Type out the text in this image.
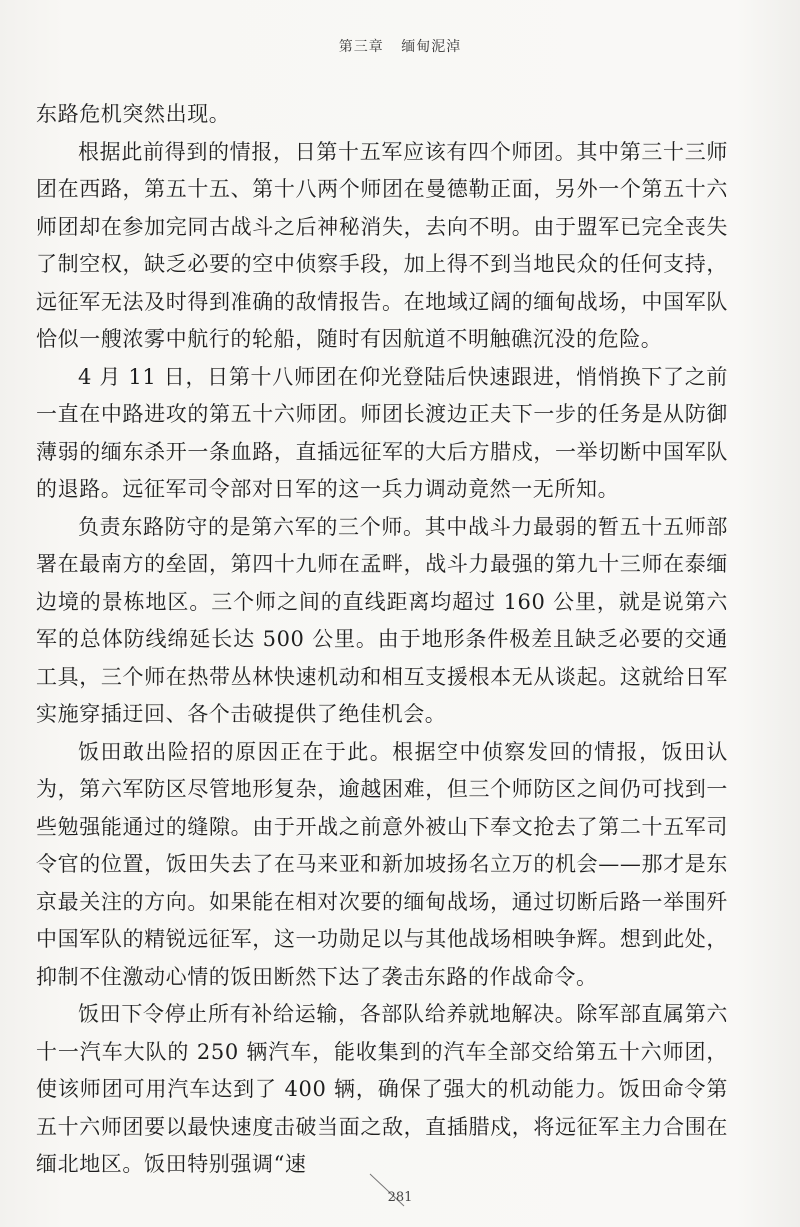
第三章 缅甸泥淖

东路危机突然出现。

根据此前得到的情报，日第十五军应该有四个师团。其中第三十三师团在西路，第五十五、第十八两个师团在曼德勒正面，另外一个第五十六师团却在参加完同古战斗之后神秘消失，去向不明。由于盟军已完全丧失了制空权，缺乏必要的空中侦察手段，加上得不到当地民众的任何支持，远征军无法及时得到准确的敌情报告。在地域辽阔的缅甸战场，中国军队恰似一艘浓雾中航行的轮船，随时有因航道不明触礁沉没的危险。

4 月 11 日，日第十八师团在仰光登陆后快速跟进，悄悄换下了之前一直在中路进攻的第五十六师团。师团长渡边正夫下一步的任务是从防御薄弱的缅东杀开一条血路，直插远征军的大后方腊戍，一举切断中国军队的退路。远征军司令部对日军的这一兵力调动竟然一无所知。

负责东路防守的是第六军的三个师。其中战斗力最弱的暂五十五师部署在最南方的垒固，第四十九师在孟畔，战斗力最强的第九十三师在泰缅边境的景栋地区。三个师之间的直线距离均超过 160 公里，就是说第六军的总体防线绵延长达 500 公里。由于地形条件极差且缺乏必要的交通工具，三个师在热带丛林快速机动和相互支援根本无从谈起。这就给日军实施穿插迂回、各个击破提供了绝佳机会。

饭田敢出险招的原因正在于此。根据空中侦察发回的情报，饭田认为，第六军防区尽管地形复杂，逾越困难，但三个师防区之间仍可找到一些勉强能通过的缝隙。由于开战之前意外被山下奉文抢去了第二十五军司令官的位置，饭田失去了在马来亚和新加坡扬名立万的机会——那才是东京最关注的方向。如果能在相对次要的缅甸战场，通过切断后路一举围歼中国军队的精锐远征军，这一功勋足以与其他战场相映争辉。想到此处，抑制不住激动心情的饭田断然下达了袭击东路的作战命令。

饭田下令停止所有补给运输，各部队给养就地解决。除军部直属第六十一汽车大队的 250 辆汽车，能收集到的汽车全部交给第五十六师团，使该师团可用汽车达到了 400 辆，确保了强大的机动能力。饭田命令第五十六师团要以最快速度击破当面之敌，直插腊戍，将远征军主力合围在缅北地区。饭田特别强调“速

281
